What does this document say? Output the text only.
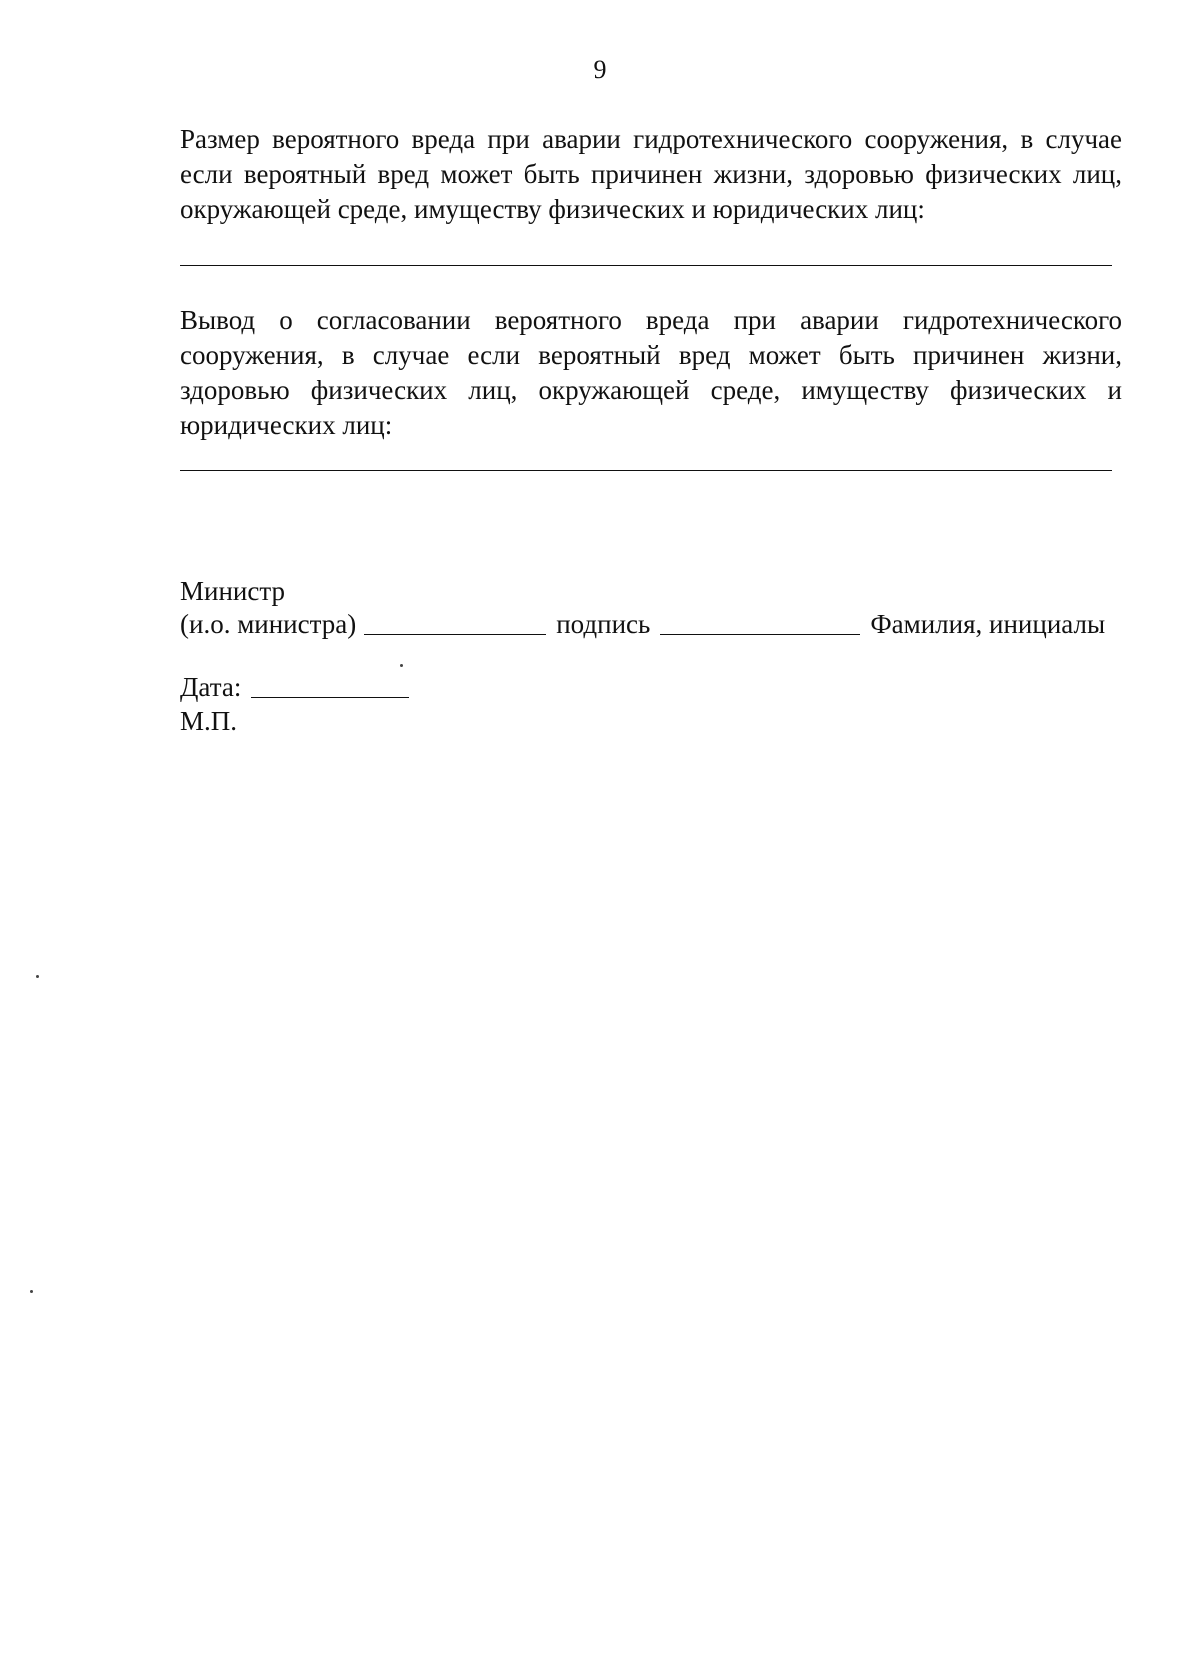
9

Размер вероятного вреда при аварии гидротехнического сооружения, в случае если вероятный вред может быть причинен жизни, здоровью физических лиц, окружающей среде, имуществу физических и юридических лиц:

Вывод о согласовании вероятного вреда при аварии гидротехнического сооружения, в случае если вероятный вред может быть причинен жизни, здоровью физических лиц, окружающей среде, имуществу физических и юридических лиц:

Министр
(и.о. министра)	подпись	Фамилия, инициалы
Дата:
М.П.
